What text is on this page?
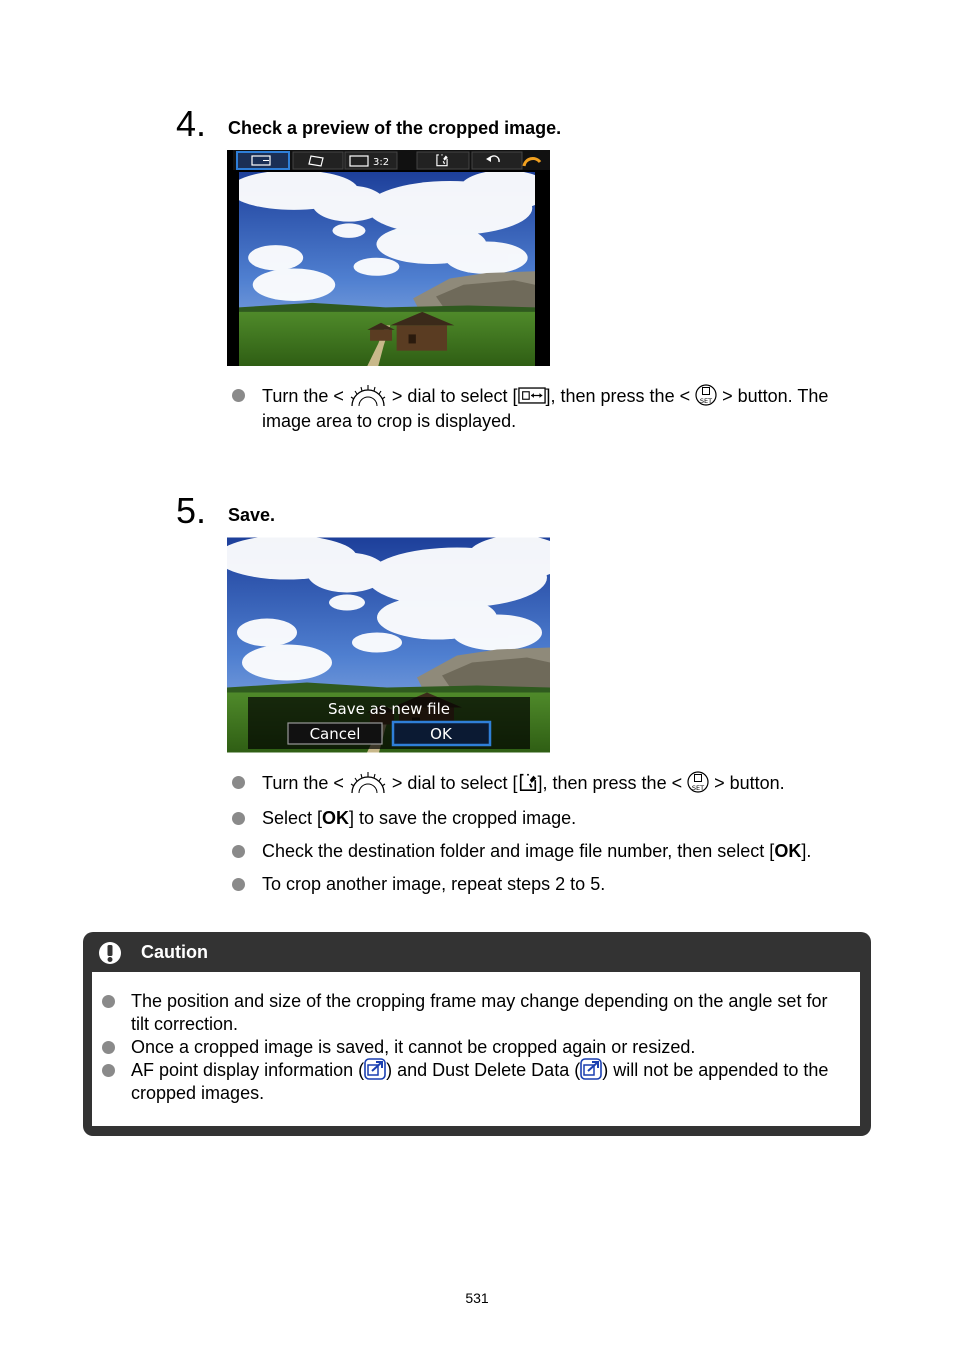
4. Check a preview of the cropped image.
3:2
Turn the <	> dial to select [ ], then press the < > button. The image area to crop is displayed.
5. Save.
Save as new file
Cancel	OK
Turn the <	> dial to select [ ], then press the < > button.
Select [OK] to save the cropped image.
Check the destination folder and image file number, then select [OK].
To crop another image, repeat steps 2 to 5.
Caution
The position and size of the cropping frame may change depending on the angle set for tilt correction.
Once a cropped image is saved, it cannot be cropped again or resized.
AF point display information ( ) and Dust Delete Data ( ) will not be appended to the cropped images.
531
